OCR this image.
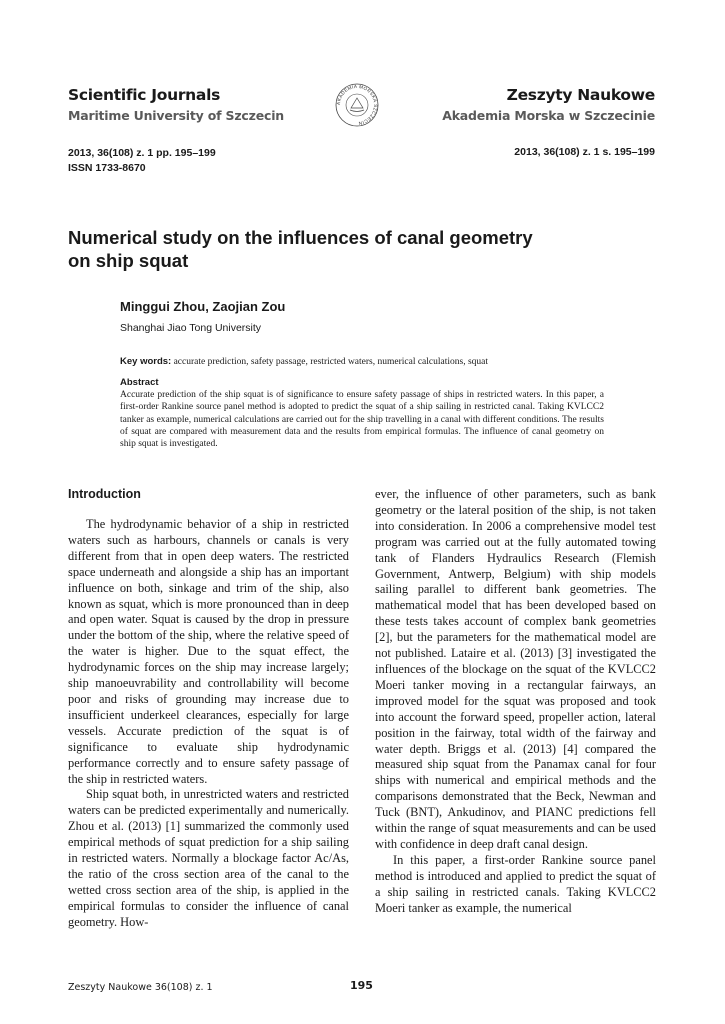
Scientific Journals
Maritime University of Szczecin
AKADEMIA MORSKA SZCZECIN
Zeszyty Naukowe
Akademia Morska w Szczecinie
2013, 36(108) z. 1 pp. 195–199
ISSN 1733-8670
2013, 36(108) z. 1 s. 195–199
Numerical study on the influences of canal geometry
on ship squat
Minggui Zhou, Zaojian Zou
Shanghai Jiao Tong University
Key words: accurate prediction, safety passage, restricted waters, numerical calculations, squat
Abstract
Accurate prediction of the ship squat is of significance to ensure safety passage of ships in restricted waters. In this paper, a first-order Rankine source panel method is adopted to predict the squat of a ship sailing in restricted canal. Taking KVLCC2 tanker as example, numerical calculations are carried out for the ship travelling in a canal with different conditions. The results of squat are compared with measurement data and the results from empirical formulas. The influence of canal geometry on ship squat is investigated.
Introduction

The hydrodynamic behavior of a ship in restricted waters such as harbours, channels or canals is very different from that in open deep waters. The restricted space underneath and alongside a ship has an important influence on both, sinkage and trim of the ship, also known as squat, which is more pronounced than in deep and open water. Squat is caused by the drop in pressure under the bottom of the ship, where the relative speed of the water is higher. Due to the squat effect, the hydrodynamic forces on the ship may increase largely; ship manoeuvrability and controllability will become poor and risks of grounding may increase due to insufficient underkeel clearances, especially for large vessels. Accurate prediction of the squat is of significance to evaluate ship hydrodynamic performance correctly and to ensure safety passage of the ship in restricted waters.

Ship squat both, in unrestricted waters and restricted waters can be predicted experimentally and numerically. Zhou et al. (2013) [1] summarized the commonly used empirical methods of squat prediction for a ship sailing in restricted waters. Normally a blockage factor Ac/As, the ratio of the cross section area of the canal to the wetted cross section area of the ship, is applied in the empirical formulas to consider the influence of canal geometry. How-

ever, the influence of other parameters, such as bank geometry or the lateral position of the ship, is not taken into consideration. In 2006 a comprehensive model test program was carried out at the fully automated towing tank of Flanders Hydraulics Research (Flemish Government, Antwerp, Belgium) with ship models sailing parallel to different bank geometries. The mathematical model that has been developed based on these tests takes account of complex bank geometries [2], but the parameters for the mathematical model are not published. Lataire et al. (2013) [3] investigated the influences of the blockage on the squat of the KVLCC2 Moeri tanker moving in a rectangular fairways, an improved model for the squat was proposed and took into account the forward speed, propeller action, lateral position in the fairway, total width of the fairway and water depth. Briggs et al. (2013) [4] compared the measured ship squat from the Panamax canal for four ships with numerical and empirical methods and the comparisons demonstrated that the Beck, Newman and Tuck (BNT), Ankudinov, and PIANC predictions fell within the range of squat measurements and can be used with confidence in deep draft canal design.

In this paper, a first-order Rankine source panel method is introduced and applied to predict the squat of a ship sailing in restricted canals. Taking KVLCC2 Moeri tanker as example, the numerical

Zeszyty Naukowe 36(108) z. 1	195
